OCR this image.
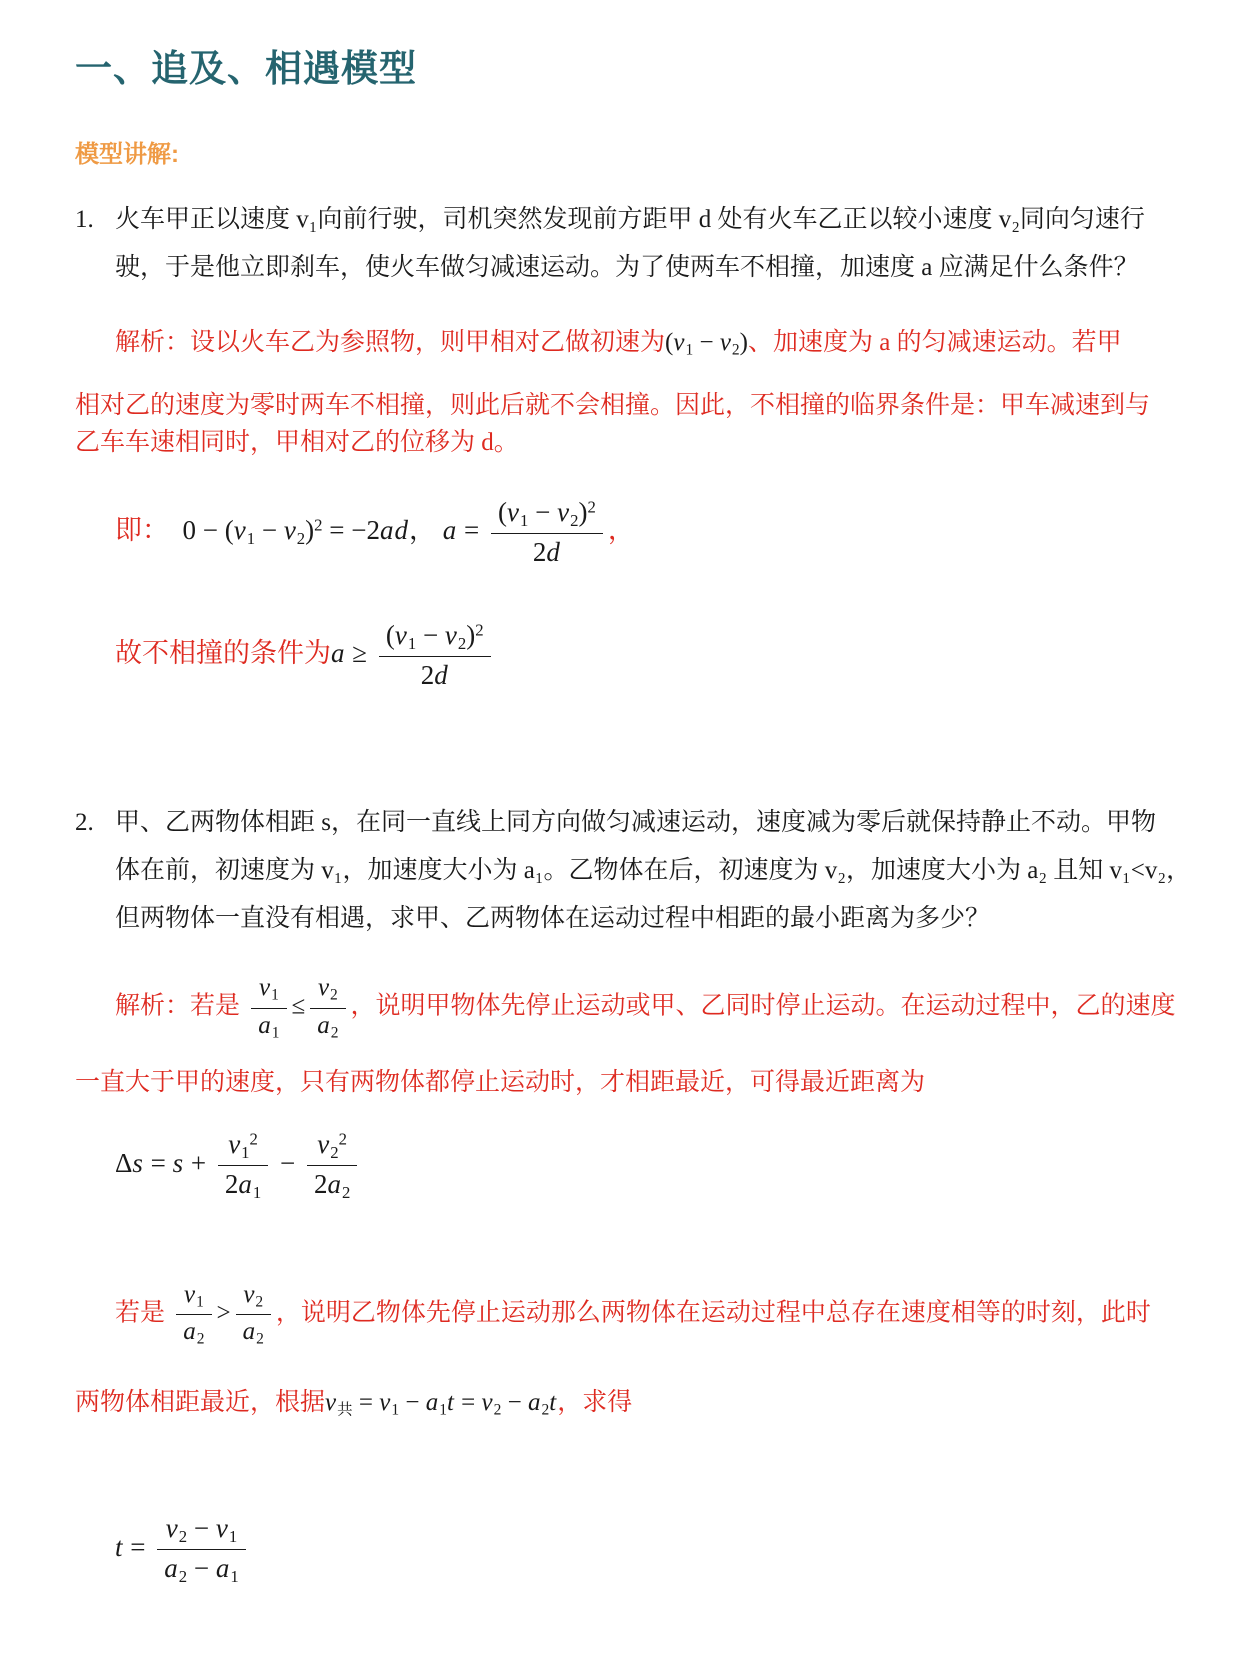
一、追及、相遇模型
模型讲解:
1. 火车甲正以速度 v₁向前行驶，司机突然发现前方距甲 d 处有火车乙正以较小速度 v₂同向匀速行
驶，于是他立即刹车，使火车做匀减速运动。为了使两车不相撞，加速度 a 应满足什么条件？
解析：设以火车乙为参照物，则甲相对乙做初速为$(v_1 - v_2)$、加速度为 a 的匀减速运动。若甲
相对乙的速度为零时两车不相撞，则此后就不会相撞。因此，不相撞的临界条件是：甲车减速到与
乙车车速相同时，甲相对乙的位移为 d。
即：  $0 - (v_1 - v_2)^2 = -2ad$， $a = \frac{(v_1 - v_2)^2}{2d}$ ，
故不相撞的条件为$a \ge \frac{(v_1 - v_2)^2}{2d}$
2. 甲、乙两物体相距 s，在同一直线上同方向做匀减速运动，速度减为零后就保持静止不动。甲物
体在前，初速度为 v₁，加速度大小为 a₁。乙物体在后，初速度为 v₂，加速度大小为 a₂ 且知 v₁<v₂，
但两物体一直没有相遇，求甲、乙两物体在运动过程中相距的最小距离为多少？
解析：若是 $\frac{v_1}{a_1} \le \frac{v_2}{a_2}$ ，说明甲物体先停止运动或甲、乙同时停止运动。在运动过程中，乙的速度
一直大于甲的速度，只有两物体都停止运动时，才相距最近，可得最近距离为
$\Delta s = s + \frac{v_1^2}{2a_1} - \frac{v_2^2}{2a_2}$
若是 $\frac{v_1}{a_2} > \frac{v_2}{a_2}$ ，说明乙物体先停止运动那么两物体在运动过程中总存在速度相等的时刻，此时
两物体相距最近，根据$v_共 = v_1 - a_1t = v_2 - a_2t$，求得
$t = \frac{v_2 - v_1}{a_2 - a_1}$
